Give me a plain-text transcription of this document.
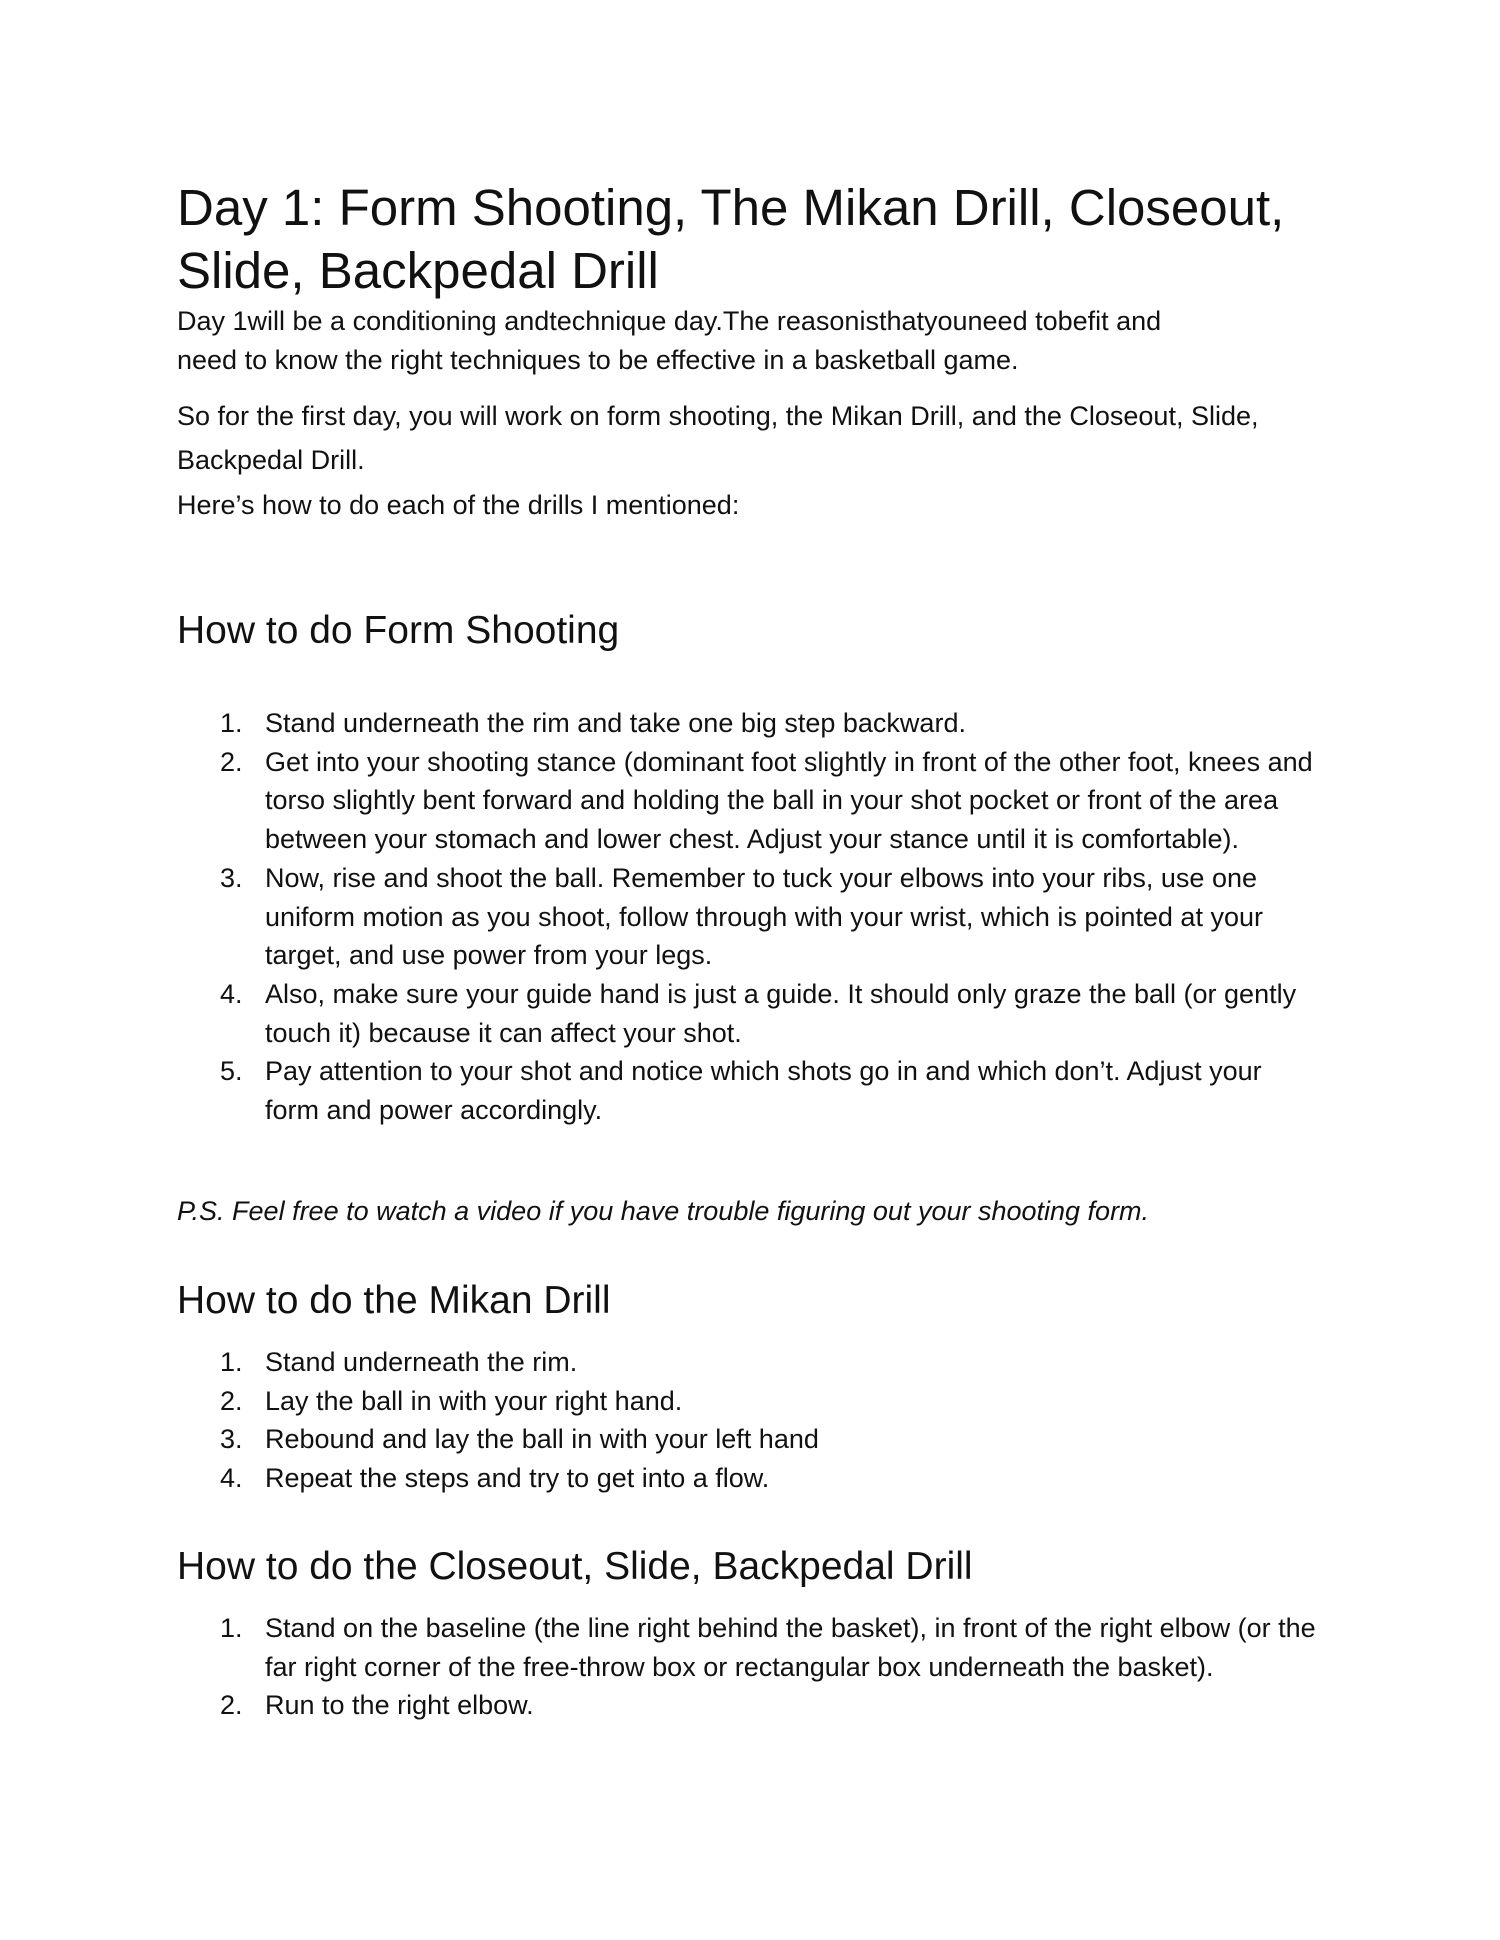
Day 1: Form Shooting, The Mikan Drill, Closeout, Slide, Backpedal Drill
Day 1will be a conditioning andtechnique day.The reasonisthatyouneed tobefit and need to know the right techniques to be effective in a basketball game.
So for the first day, you will work on form shooting, the Mikan Drill, and the Closeout, Slide, Backpedal Drill.
Here’s how to do each of the drills I mentioned:
How to do Form Shooting
1. Stand underneath the rim and take one big step backward.
2. Get into your shooting stance (dominant foot slightly in front of the other foot, knees and torso slightly bent forward and holding the ball in your shot pocket or front of the area between your stomach and lower chest. Adjust your stance until it is comfortable).
3. Now, rise and shoot the ball. Remember to tuck your elbows into your ribs, use one uniform motion as you shoot, follow through with your wrist, which is pointed at your target, and use power from your legs.
4. Also, make sure your guide hand is just a guide. It should only graze the ball (or gently touch it) because it can affect your shot.
5. Pay attention to your shot and notice which shots go in and which don’t. Adjust your form and power accordingly.
P.S. Feel free to watch a video if you have trouble figuring out your shooting form.
How to do the Mikan Drill
1. Stand underneath the rim.
2. Lay the ball in with your right hand.
3. Rebound and lay the ball in with your left hand
4. Repeat the steps and try to get into a flow.
How to do the Closeout, Slide, Backpedal Drill
1. Stand on the baseline (the line right behind the basket), in front of the right elbow (or the far right corner of the free-throw box or rectangular box underneath the basket).
2. Run to the right elbow.
